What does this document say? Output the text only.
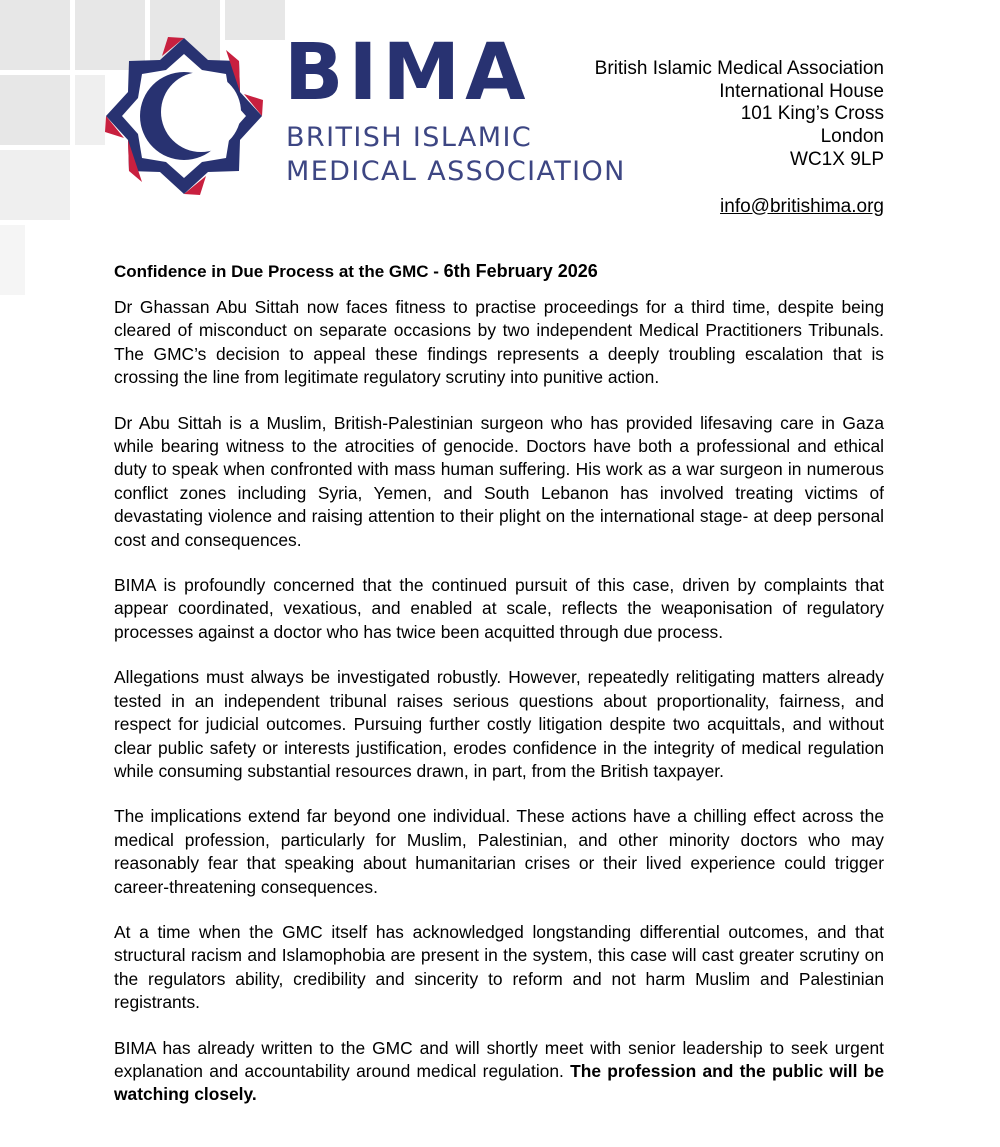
BIMA
BRITISH ISLAMIC
MEDICAL ASSOCIATION
British Islamic Medical Association
International House
101 King’s Cross
London
WC1X 9LP
info@britishima.org
Confidence in Due Process at the GMC - 6th February 2026

Dr Ghassan Abu Sittah now faces fitness to practise proceedings for a third time, despite being cleared of misconduct on separate occasions by two independent Medical Practitioners Tribunals. The GMC’s decision to appeal these findings represents a deeply troubling escalation that is crossing the line from legitimate regulatory scrutiny into punitive action.

Dr Abu Sittah is a Muslim, British-Palestinian surgeon who has provided lifesaving care in Gaza while bearing witness to the atrocities of genocide. Doctors have both a professional and ethical duty to speak when confronted with mass human suffering. His work as a war surgeon in numerous conflict zones including Syria, Yemen, and South Lebanon has involved treating victims of devastating violence and raising attention to their plight on the international stage- at deep personal cost and consequences.

BIMA is profoundly concerned that the continued pursuit of this case, driven by complaints that appear coordinated, vexatious, and enabled at scale, reflects the weaponisation of regulatory processes against a doctor who has twice been acquitted through due process.

Allegations must always be investigated robustly. However, repeatedly relitigating matters already tested in an independent tribunal raises serious questions about proportionality, fairness, and respect for judicial outcomes. Pursuing further costly litigation despite two acquittals, and without clear public safety or interests justification, erodes confidence in the integrity of medical regulation while consuming substantial resources drawn, in part, from the British taxpayer.

The implications extend far beyond one individual. These actions have a chilling effect across the medical profession, particularly for Muslim, Palestinian, and other minority doctors who may reasonably fear that speaking about humanitarian crises or their lived experience could trigger career-threatening consequences.

At a time when the GMC itself has acknowledged longstanding differential outcomes, and that structural racism and Islamophobia are present in the system, this case will cast greater scrutiny on the regulators ability, credibility and sincerity to reform and not harm Muslim and Palestinian registrants.

BIMA has already written to the GMC and will shortly meet with senior leadership to seek urgent explanation and accountability around medical regulation. The profession and the public will be watching closely.
